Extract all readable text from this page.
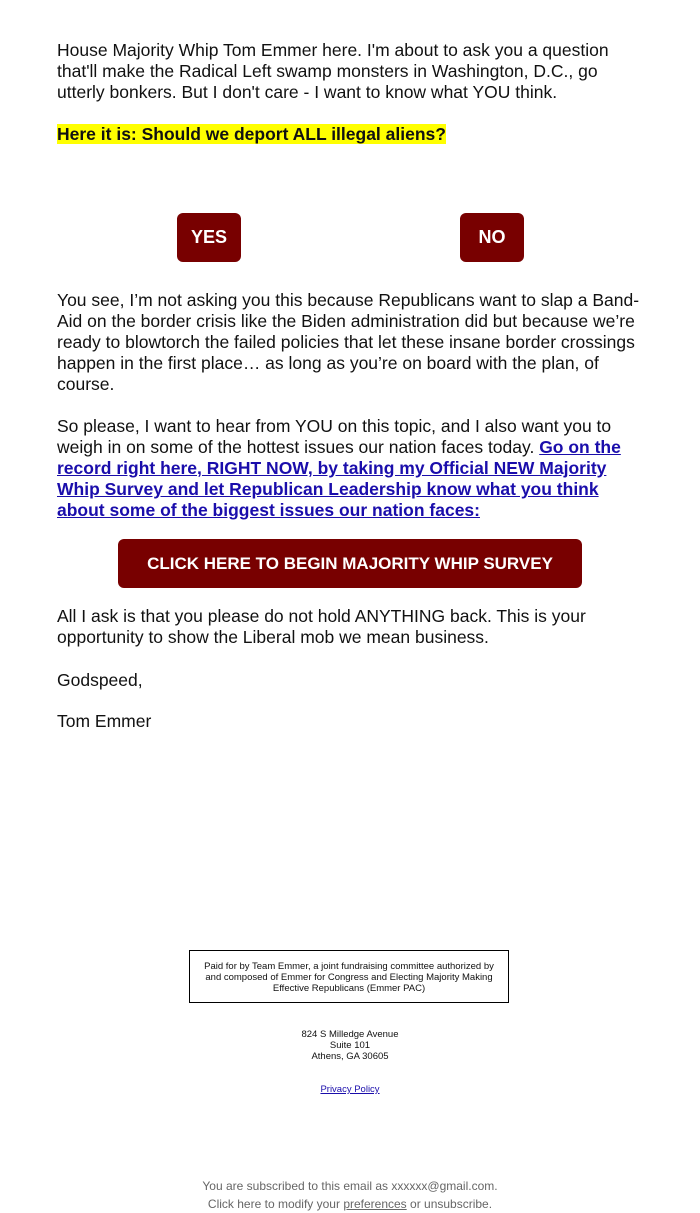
House Majority Whip Tom Emmer here. I'm about to ask you a question that'll make the Radical Left swamp monsters in Washington, D.C., go utterly bonkers. But I don't care - I want to know what YOU think.

Here it is: Should we deport ALL illegal aliens?

YES	NO

You see, I’m not asking you this because Republicans want to slap a Band-Aid on the border crisis like the Biden administration did but because we’re ready to blowtorch the failed policies that let these insane border crossings happen in the first place… as long as you’re on board with the plan, of course.

So please, I want to hear from YOU on this topic, and I also want you to weigh in on some of the hottest issues our nation faces today. Go on the record right here, RIGHT NOW, by taking my Official NEW Majority Whip Survey and let Republican Leadership know what you think about some of the biggest issues our nation faces:

CLICK HERE TO BEGIN MAJORITY WHIP SURVEY

All I ask is that you please do not hold ANYTHING back. This is your opportunity to show the Liberal mob we mean business.

Godspeed,

Tom Emmer

Paid for by Team Emmer, a joint fundraising committee authorized by and composed of Emmer for Congress and Electing Majority Making Effective Republicans (Emmer PAC)
824 S Milledge Avenue
Suite 101
Athens, GA 30605
Privacy Policy
You are subscribed to this email as xxxxxx@gmail.com.
Click here to modify your preferences or unsubscribe.
